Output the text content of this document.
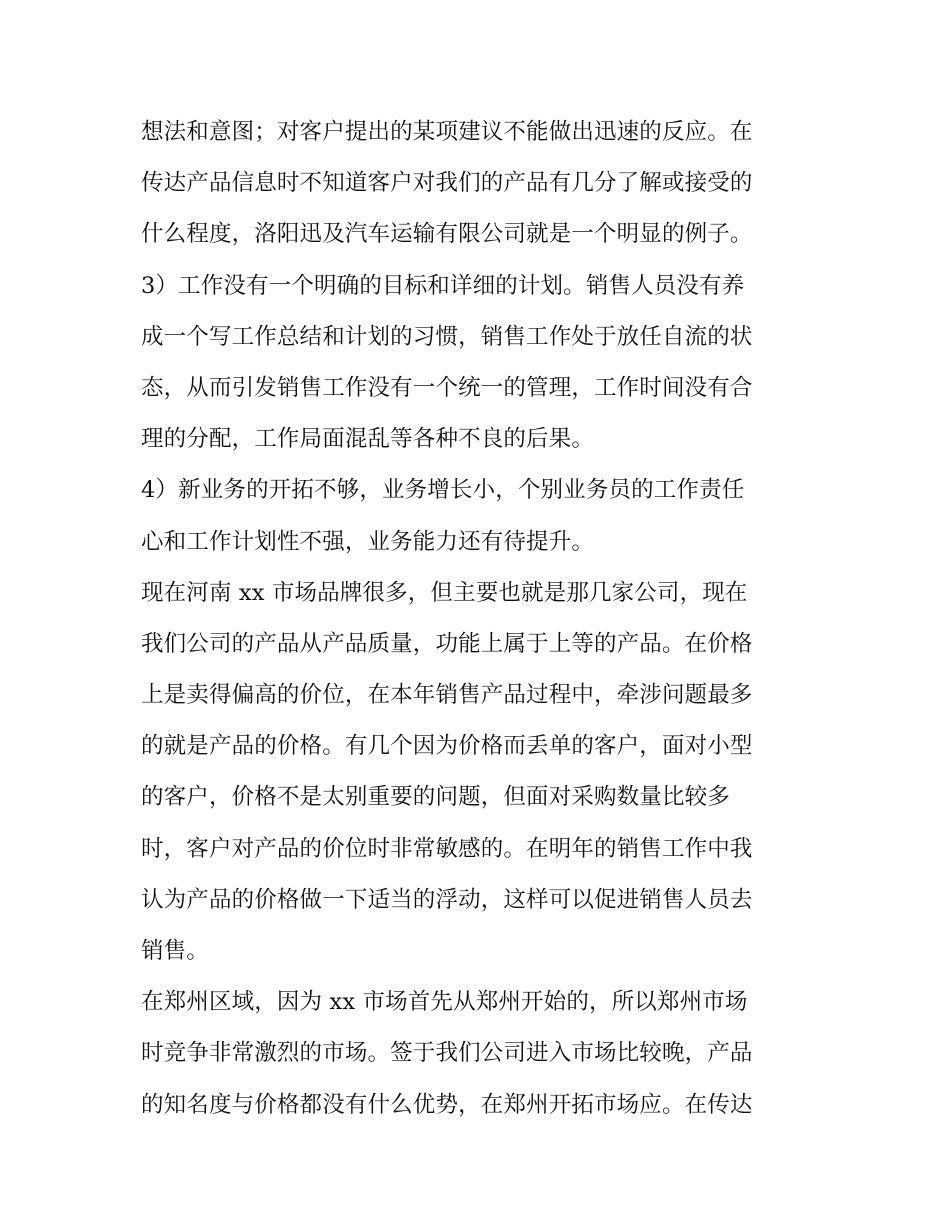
想法和意图；对客户提出的某项建议不能做出迅速的反应。在
传达产品信息时不知道客户对我们的产品有几分了解或接受的
什么程度，洛阳迅及汽车运输有限公司就是一个明显的例子。
3）工作没有一个明确的目标和详细的计划。销售人员没有养
成一个写工作总结和计划的习惯，销售工作处于放任自流的状
态，从而引发销售工作没有一个统一的管理，工作时间没有合
理的分配，工作局面混乱等各种不良的后果。
4）新业务的开拓不够，业务增长小，个别业务员的工作责任
心和工作计划性不强，业务能力还有待提升。
现在河南 xx 市场品牌很多，但主要也就是那几家公司，现在
我们公司的产品从产品质量，功能上属于上等的产品。在价格
上是卖得偏高的价位，在本年销售产品过程中，牵涉问题最多
的就是产品的价格。有几个因为价格而丢单的客户，面对小型
的客户，价格不是太别重要的问题，但面对采购数量比较多
时，客户对产品的价位时非常敏感的。在明年的销售工作中我
认为产品的价格做一下适当的浮动，这样可以促进销售人员去
销售。
在郑州区域，因为 xx 市场首先从郑州开始的，所以郑州市场
时竞争非常激烈的市场。签于我们公司进入市场比较晚，产品
的知名度与价格都没有什么优势，在郑州开拓市场应。在传达
